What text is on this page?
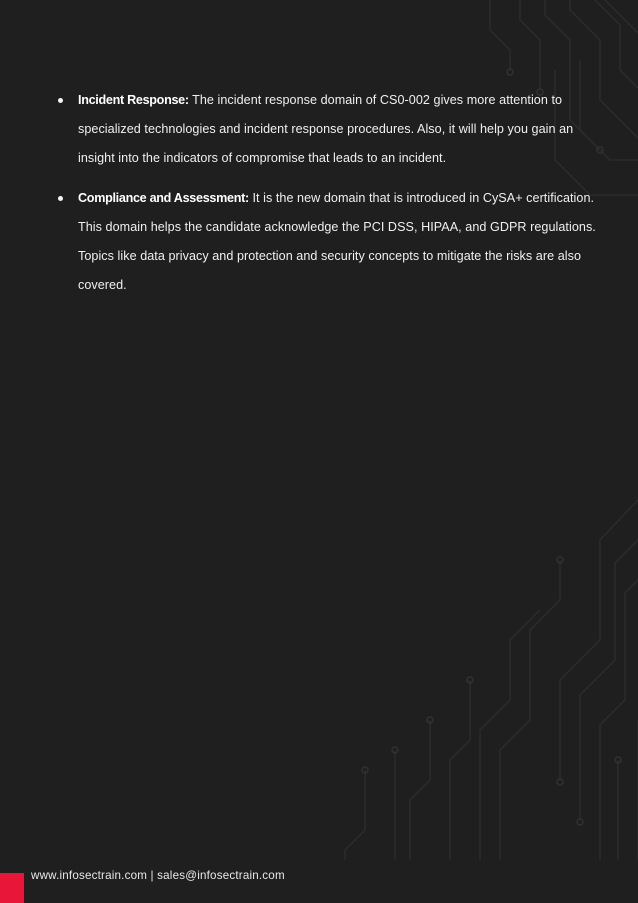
Incident Response: The incident response domain of CS0-002 gives more attention to specialized technologies and incident response procedures. Also, it will help you gain an insight into the indicators of compromise that leads to an incident.
Compliance and Assessment: It is the new domain that is introduced in CySA+ certification. This domain helps the candidate acknowledge the PCI DSS, HIPAA, and GDPR regulations. Topics like data privacy and protection and security concepts to mitigate the risks are also covered.
www.infosectrain.com | sales@infosectrain.com
